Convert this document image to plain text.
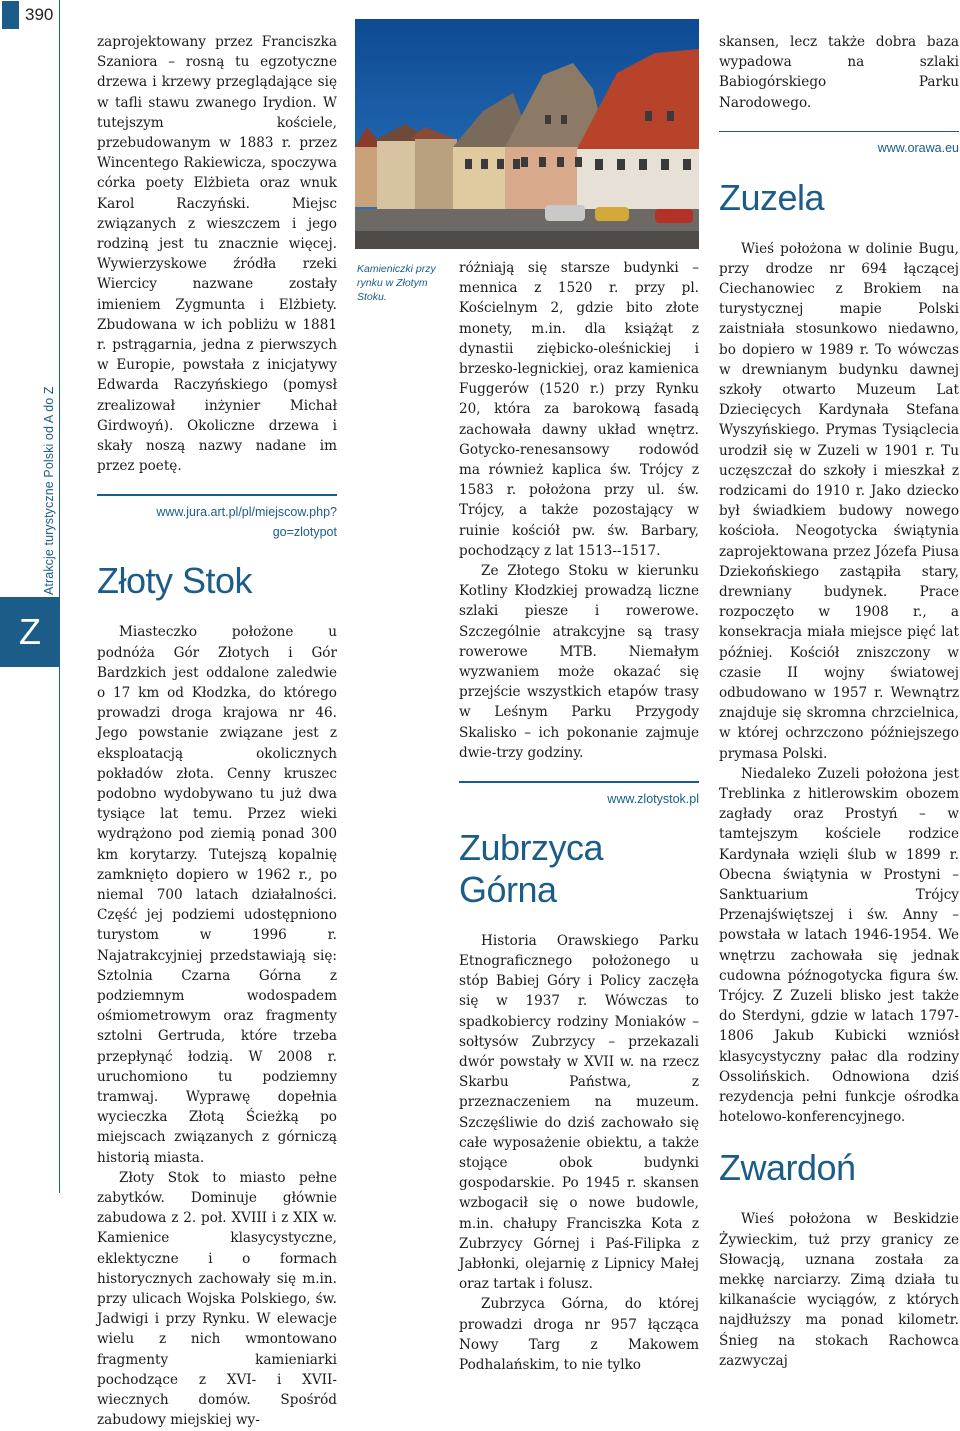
390
Atrakcje turystyczne Polski od A do Z
Z

zaprojektowany przez Franciszka Szaniora – rosną tu egzotyczne drzewa i krzewy przeglądające się w tafli stawu zwanego Irydion. W tutejszym kościele, przebudowanym w 1883 r. przez Wincentego Rakiewicza, spoczywa córka poety Elżbieta oraz wnuk Karol Raczyński. Miejsc związanych z wieszczem i jego rodziną jest tu znacznie więcej. Wywierzyskowe źródła rzeki Wiercicy nazwane zostały imieniem Zygmunta i Elżbiety. Zbudowana w ich pobliżu w 1881 r. pstrągarnia, jedna z pierwszych w Europie, powstała z inicjatywy Edwarda Raczyńskiego (pomysł zrealizował inżynier Michał Girdwoyń). Okoliczne drzewa i skały noszą nazwy nadane im przez poetę.

www.jura.art.pl/pl/miejscow.php?go=zlotypot
Złoty Stok

Miasteczko położone u podnóża Gór Złotych i Gór Bardzkich jest oddalone zaledwie o 17 km od Kłodzka, do którego prowadzi droga krajowa nr 46. Jego powstanie związane jest z eksploatacją okolicznych pokładów złota. Cenny kruszec podobno wydobywano tu już dwa tysiące lat temu. Przez wieki wydrążono pod ziemią ponad 300 km korytarzy. Tutejszą kopalnię zamknięto dopiero w 1962 r., po niemal 700 latach działalności. Część jej podziemi udostępniono turystom w 1996 r. Najatrakcyjniej przedstawiają się: Sztolnia Czarna Górna z podziemnym wodospadem ośmiometrowym oraz fragmenty sztolni Gertruda, które trzeba przepłynąć łodzią. W 2008 r. uruchomiono tu podziemny tramwaj. Wyprawę dopełnia wycieczka Złotą Ścieżką po miejscach związanych z górniczą historią miasta.

Złoty Stok to miasto pełne zabytków. Dominuje głównie zabudowa z 2. poł. XVIII i z XIX w. Kamienice klasycystyczne, eklektyczne i o formach historycznych zachowały się m.in. przy ulicach Wojska Polskiego, św. Jadwigi i przy Rynku. W elewacje wielu z nich wmontowano fragmenty kamieniarki pochodzące z XVI- i XVII-wiecznych domów. Spośród zabudowy miejskiej wy-

Kamieniczki przy rynku w Złotym Stoku.

różniają się starsze budynki – mennica z 1520 r. przy pl. Kościelnym 2, gdzie bito złote monety, m.in. dla książąt z dynastii ziębicko-oleśnickiej i brzesko-legnickiej, oraz kamienica Fuggerów (1520 r.) przy Rynku 20, która za barokową fasadą zachowała dawny układ wnętrz. Gotycko-renesansowy rodowód ma również kaplica św. Trójcy z 1583 r. położona przy ul. św. Trójcy, a także pozostający w ruinie kościół pw. św. Barbary, pochodzący z lat 1513--1517.

Ze Złotego Stoku w kierunku Kotliny Kłodzkiej prowadzą liczne szlaki piesze i rowerowe. Szczególnie atrakcyjne są trasy rowerowe MTB. Niemałym wyzwaniem może okazać się przejście wszystkich etapów trasy w Leśnym Parku Przygody Skalisko – ich pokonanie zajmuje dwie-trzy godziny.

www.zlotystok.pl
Zubrzyca Górna

Historia Orawskiego Parku Etnograficznego położonego u stóp Babiej Góry i Policy zaczęła się w 1937 r. Wówczas to spadkobiercy rodziny Moniaków – sołtysów Zubrzycy – przekazali dwór powstały w XVII w. na rzecz Skarbu Państwa, z przeznaczeniem na muzeum. Szczęśliwie do dziś zachowało się całe wyposażenie obiektu, a także stojące obok budynki gospodarskie. Po 1945 r. skansen wzbogacił się o nowe budowle, m.in. chałupy Franciszka Kota z Zubrzycy Górnej i Paś-Filipka z Jabłonki, olejarnię z Lipnicy Małej oraz tartak i folusz.

Zubrzyca Górna, do której prowadzi droga nr 957 łącząca Nowy Targ z Makowem Podhalańskim, to nie tylko

skansen, lecz także dobra baza wypadowa na szlaki Babiogórskiego Parku Narodowego.

www.orawa.eu
Zuzela

Wieś położona w dolinie Bugu, przy drodze nr 694 łączącej Ciechanowiec z Brokiem na turystycznej mapie Polski zaistniała stosunkowo niedawno, bo dopiero w 1989 r. To wówczas w drewnianym budynku dawnej szkoły otwarto Muzeum Lat Dziecięcych Kardynała Stefana Wyszyńskiego. Prymas Tysiąclecia urodził się w Zuzeli w 1901 r. Tu uczęszczał do szkoły i mieszkał z rodzicami do 1910 r. Jako dziecko był świadkiem budowy nowego kościoła. Neogotycka świątynia zaprojektowana przez Józefa Piusa Dziekońskiego zastąpiła stary, drewniany budynek. Prace rozpoczęto w 1908 r., a konsekracja miała miejsce pięć lat później. Kościół zniszczony w czasie II wojny światowej odbudowano w 1957 r. Wewnątrz znajduje się skromna chrzcielnica, w której ochrzczono późniejszego prymasa Polski.

Niedaleko Zuzeli położona jest Treblinka z hitlerowskim obozem zagłady oraz Prostyń – w tamtejszym kościele rodzice Kardynała wzięli ślub w 1899 r. Obecna świątynia w Prostyni – Sanktuarium Trójcy Przenajświętszej i św. Anny – powstała w latach 1946-1954. We wnętrzu zachowała się jednak cudowna późnogotycka figura św. Trójcy. Z Zuzeli blisko jest także do Sterdyni, gdzie w latach 1797-1806 Jakub Kubicki wzniósł klasycystyczny pałac dla rodziny Ossolińskich. Odnowiona dziś rezydencja pełni funkcje ośrodka hotelowo-konferencyjnego.

Zwardoń

Wieś położona w Beskidzie Żywieckim, tuż przy granicy ze Słowacją, uznana została za mekkę narciarzy. Zimą działa tu kilkanaście wyciągów, z których najdłuższy ma ponad kilometr. Śnieg na stokach Rachowca zazwyczaj
